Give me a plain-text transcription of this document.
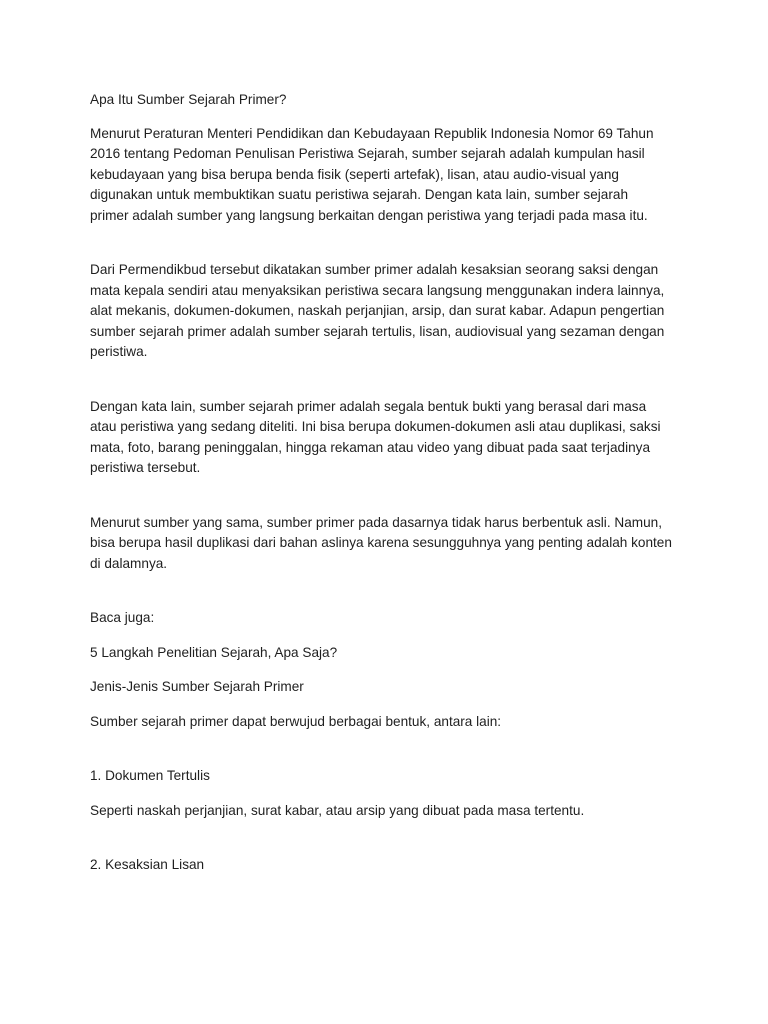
Apa Itu Sumber Sejarah Primer?

Menurut Peraturan Menteri Pendidikan dan Kebudayaan Republik Indonesia Nomor 69 Tahun
2016 tentang Pedoman Penulisan Peristiwa Sejarah, sumber sejarah adalah kumpulan hasil
kebudayaan yang bisa berupa benda fisik (seperti artefak), lisan, atau audio-visual yang
digunakan untuk membuktikan suatu peristiwa sejarah. Dengan kata lain, sumber sejarah
primer adalah sumber yang langsung berkaitan dengan peristiwa yang terjadi pada masa itu.

Dari Permendikbud tersebut dikatakan sumber primer adalah kesaksian seorang saksi dengan
mata kepala sendiri atau menyaksikan peristiwa secara langsung menggunakan indera lainnya,
alat mekanis, dokumen-dokumen, naskah perjanjian, arsip, dan surat kabar. Adapun pengertian
sumber sejarah primer adalah sumber sejarah tertulis, lisan, audiovisual yang sezaman dengan
peristiwa.

Dengan kata lain, sumber sejarah primer adalah segala bentuk bukti yang berasal dari masa
atau peristiwa yang sedang diteliti. Ini bisa berupa dokumen-dokumen asli atau duplikasi, saksi
mata, foto, barang peninggalan, hingga rekaman atau video yang dibuat pada saat terjadinya
peristiwa tersebut.

Menurut sumber yang sama, sumber primer pada dasarnya tidak harus berbentuk asli. Namun,
bisa berupa hasil duplikasi dari bahan aslinya karena sesungguhnya yang penting adalah konten
di dalamnya.

Baca juga:

5 Langkah Penelitian Sejarah, Apa Saja?

Jenis-Jenis Sumber Sejarah Primer

Sumber sejarah primer dapat berwujud berbagai bentuk, antara lain:

1. Dokumen Tertulis

Seperti naskah perjanjian, surat kabar, atau arsip yang dibuat pada masa tertentu.

2. Kesaksian Lisan
